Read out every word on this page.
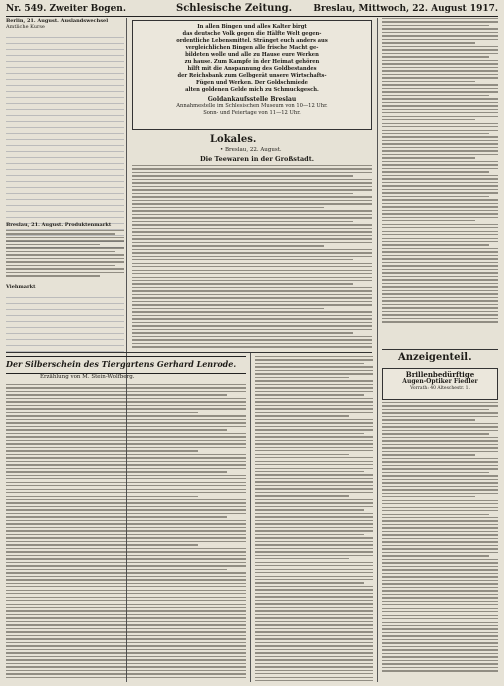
Nr. 549. Zweiter Bogen.	Schlesische Zeitung. Breslau, Mittwoch, 22. August 1917.
Berlin, 21. August. Auslandswechsel
Amtliche Kurse
Breslau, 21. August. Produktenmarkt
Viehmarkt
In allen Bingen und alles Kalter birgt
das deutsche Volk gegen die Hälfte Welt gegen-
ordentliche Lebensmittel. Stränget euch anders aus
vergleichlichen Bingen alle frische Macht ge-
bildeten wolle und alle zu Hause eure Werken
zu hause. Zum Kampfe in der Heimat gehören
hilft mit die Anspannung des Goldbestandes
der Reichsbank zum Gelbgerät unsere Wirtschafts-
Fügen und Werken. Der Goldschmiede
alten goldenen Gelde mich zu Schmuckgesch.
Goldankaufsstelle Breslau
Annahmestelle im Schlesischen Museum von 10—12 Uhr.
Sonn- und Feiertage von 11—12 Uhr.
Lokales.
• Breslau, 22. August.
Die Teewaren in der Großstadt.
Anzeigenteil.
Brillenbedürftige
Augen-Optiker Fiedler
Vorrath: 40 Alteschestr. 1.
Der Silberschein des Tiergartens Gerhard Lenrode.
Erzählung von M. Stein-Wolfberg.
